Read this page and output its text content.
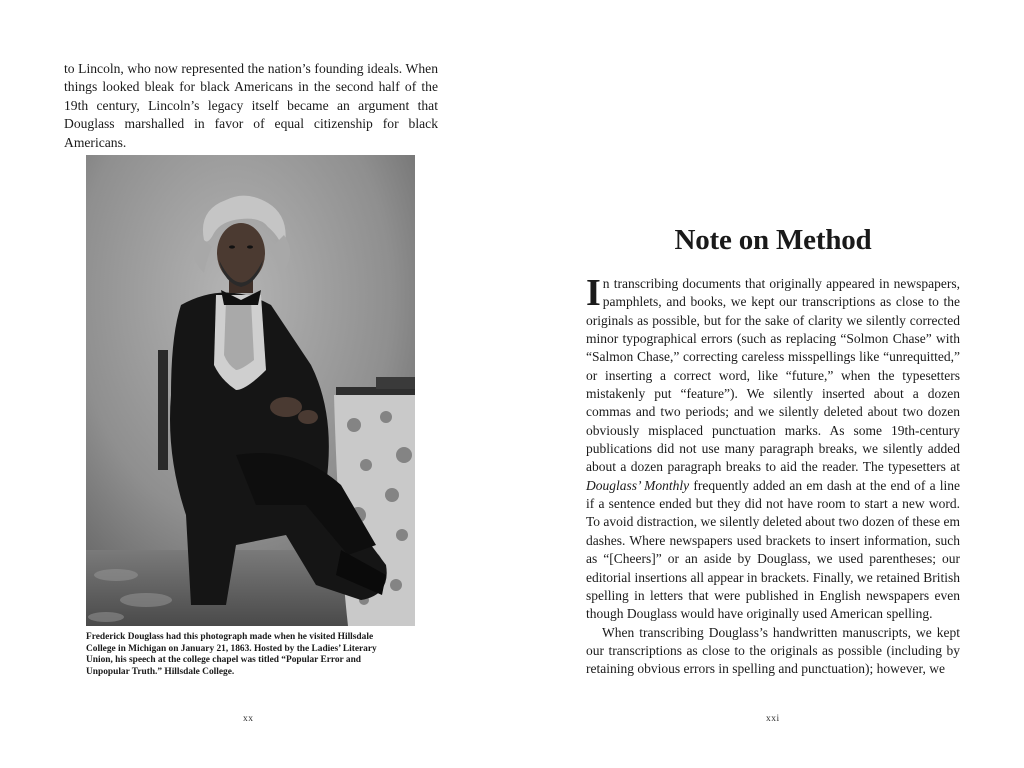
to Lincoln, who now represented the nation’s founding ideals. When things looked bleak for black Americans in the second half of the 19th century, Lincoln’s legacy itself became an argument that Douglass marshalled in favor of equal citizenship for black Americans.

Frederick Douglass had this photograph made when he visited Hillsdale College in Michigan on January 21, 1863. Hosted by the Ladies’ Literary Union, his speech at the college chapel was titled “Popular Error and Unpopular Truth.” Hillsdale College.

xx
Note on Method

In transcribing documents that originally appeared in newspapers, pamphlets, and books, we kept our transcriptions as close to the originals as possible, but for the sake of clarity we silently corrected minor typographical errors (such as replacing “Solmon Chase” with “Salmon Chase,” correcting careless misspellings like “unrequitted,” or inserting a correct word, like “future,” when the typesetters mistakenly put “feature”). We silently inserted about a dozen commas and two periods; and we silently deleted about two dozen obviously misplaced punctuation marks. As some 19th-century publications did not use many paragraph breaks, we silently added about a dozen paragraph breaks to aid the reader. The typesetters at Douglass’ Monthly frequently added an em dash at the end of a line if a sentence ended but they did not have room to start a new word. To avoid distraction, we silently deleted about two dozen of these em dashes. Where newspapers used brackets to insert information, such as “[Cheers]” or an aside by Douglass, we used parentheses; our editorial insertions all appear in brackets. Finally, we retained British spelling in letters that were published in English newspapers even though Douglass would have originally used American spelling.

When transcribing Douglass’s handwritten manuscripts, we kept our transcriptions as close to the originals as possible (including by retaining obvious errors in spelling and punctuation); however, we

xxi
